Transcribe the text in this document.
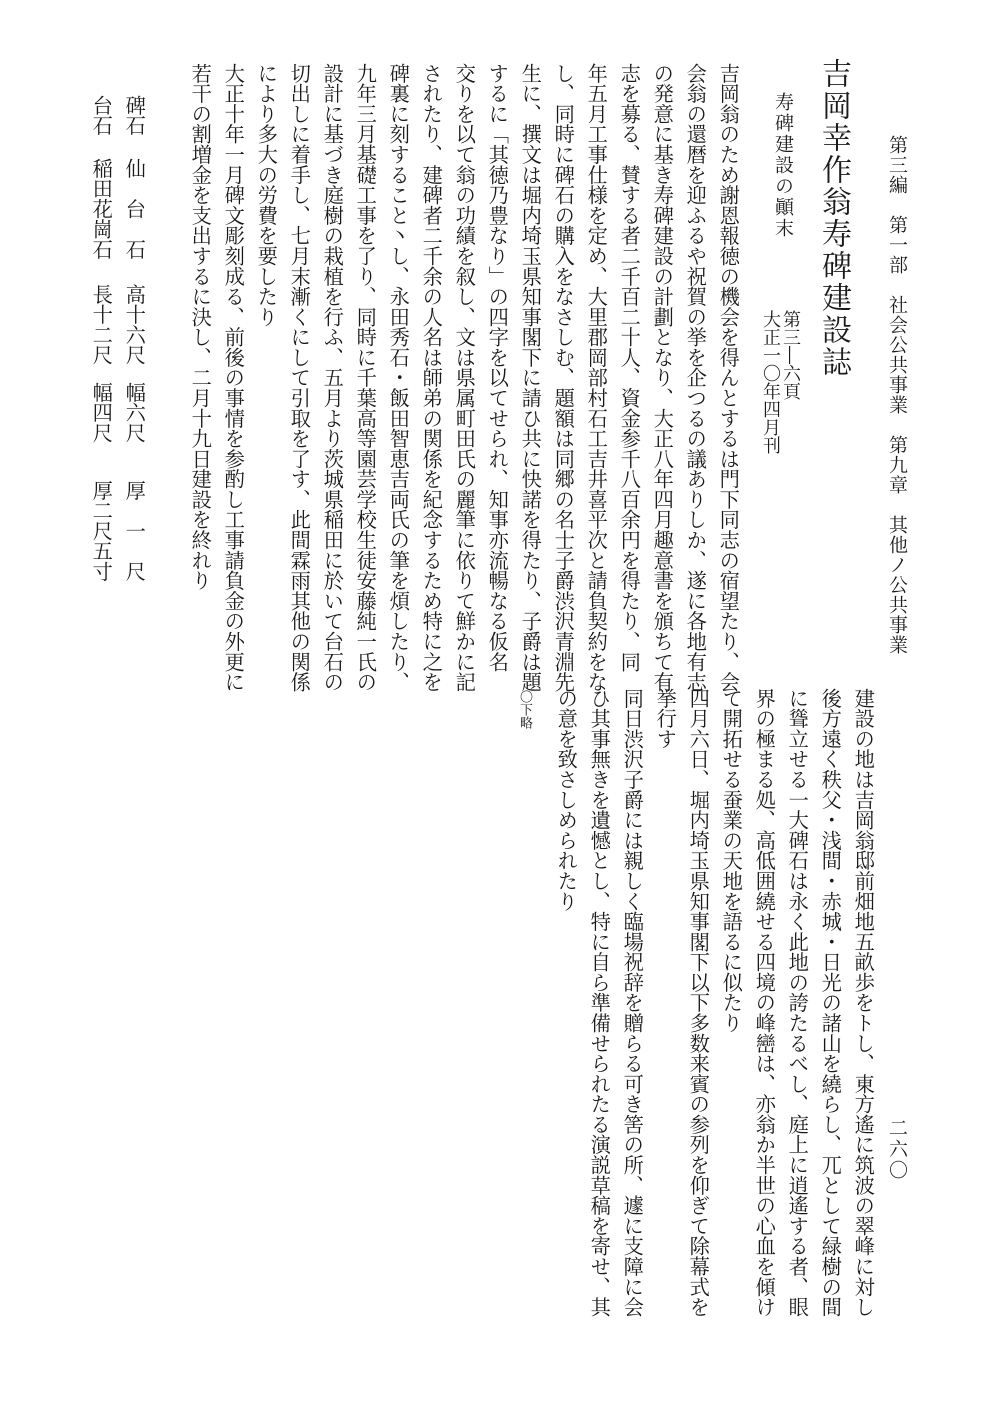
第三編　第一部　社会公共事業　第九章　其他ノ公共事業
二六〇
吉岡幸作翁寿碑建設誌
第三―六頁
大正一〇年四月刊
寿碑建設の顚末
吉岡翁のため謝恩報徳の機会を得んとするは門下同志の宿望たり、会
会翁の還暦を迎ふるや祝賀の挙を企つるの議ありしか、遂に各地有志
の発意に基き寿碑建設の計劃となり、大正八年四月趣意書を頒ちて有
志を募る、賛する者二千百二十人、資金参千八百余円を得たり、同
年五月工事仕様を定め、大里郡岡部村石工吉井喜平次と請負契約をな
し、同時に碑石の購入をなさしむ、題額は同郷の名士子爵渋沢青淵先
生に、撰文は堀内埼玉県知事閣下に請ひ共に快諾を得たり、子爵は題
するに「其徳乃豊なり」の四字を以てせられ、知事亦流暢なる仮名
交りを以て翁の功績を叙し、文は県属町田氏の麗筆に依りて鮮かに記
されたり、建碑者二千余の人名は師弟の関係を紀念するため特に之を
碑裏に刻すること丶し、永田秀石・飯田智恵吉両氏の筆を煩したり、
九年三月基礎工事を了り、同時に千葉高等園芸学校生徒安藤純一氏の
設計に基づき庭樹の栽植を行ふ、五月より茨城県稲田に於いて台石の
切出しに着手し、七月末漸くにして引取を了す、此間霖雨其他の関係
により多大の労費を要したり
大正十年一月碑文彫刻成る、前後の事情を参酌し工事請負金の外更に
若干の割増金を支出するに決し、二月十九日建設を終れり
碑石
仙　台　石
高十六尺
幅六尺
厚　一　尺
台石
稲田花崗石
長十二尺
幅四尺
厚二尺五寸
建設の地は吉岡翁邸前畑地五畝歩をトし、東方遙に筑波の翠峰に対し
後方遠く秩父・浅間・赤城・日光の諸山を繞らし、兀として緑樹の間
に聳立せる一大碑石は永く此地の誇たるべし、庭上に逍遙する者、眼
界の極まる処、高低囲繞せる四境の峰巒は、亦翁か半世の心血を傾け
て開拓せる蚕業の天地を語るに似たり
四月六日、堀内埼玉県知事閣下以下多数来賓の参列を仰ぎて除幕式を
挙行す
同日渋沢子爵には親しく臨場祝辞を贈らる可き筈の所、遽に支障に会
ひ其事無きを遺憾とし、特に自ら準備せられたる演説草稿を寄せ、其
の意を致さしめられたり
〇下略
